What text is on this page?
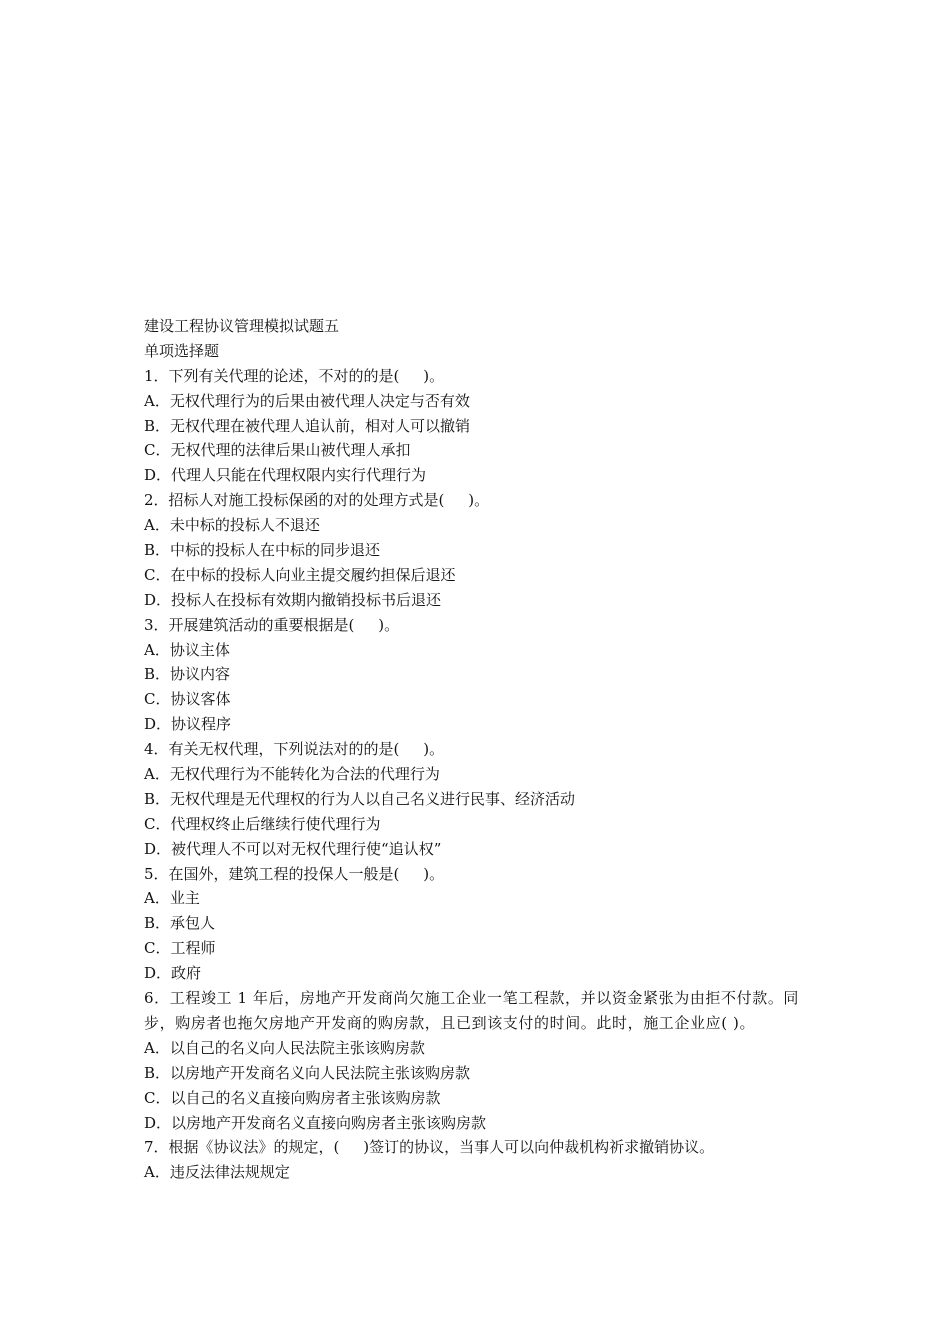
建设工程协议管理模拟试题五
单项选择题
1．下列有关代理的论述，不对的的是(     )。
A．无权代理行为的后果由被代理人决定与否有效
B．无权代理在被代理人追认前，相对人可以撤销
C．无权代理的法律后果山被代理人承扣
D．代理人只能在代理权限内实行代理行为
2．招标人对施工投标保函的对的处理方式是(     )。
A．未中标的投标人不退还
B．中标的投标人在中标的同步退还
C．在中标的投标人向业主提交履约担保后退还
D．投标人在投标有效期内撤销投标书后退还
3．开展建筑活动的重要根据是(     )。
A．协议主体
B．协议内容
C．协议客体
D．协议程序
4．有关无权代理，下列说法对的的是(     )。
A．无权代理行为不能转化为合法的代理行为
B．无权代理是无代理权的行为人以自己名义进行民事、经济活动
C．代理权终止后继续行使代理行为
D．被代理人不可以对无权代理行使“追认权”
5．在国外，建筑工程的投保人一般是(     )。
A．业主
B．承包人
C．工程师
D．政府
6．工程竣工 1 年后，房地产开发商尚欠施工企业一笔工程款，并以资金紧张为由拒不付款。同步，购房者也拖欠房地产开发商的购房款，且已到该支付的时间。此时，施工企业应( )。
A．以自己的名义向人民法院主张该购房款
B．以房地产开发商名义向人民法院主张该购房款
C．以自己的名义直接向购房者主张该购房款
D．以房地产开发商名义直接向购房者主张该购房款
7．根据《协议法》的规定，(     )签订的协议，当事人可以向仲裁机构祈求撤销协议。
A．违反法律法规规定
